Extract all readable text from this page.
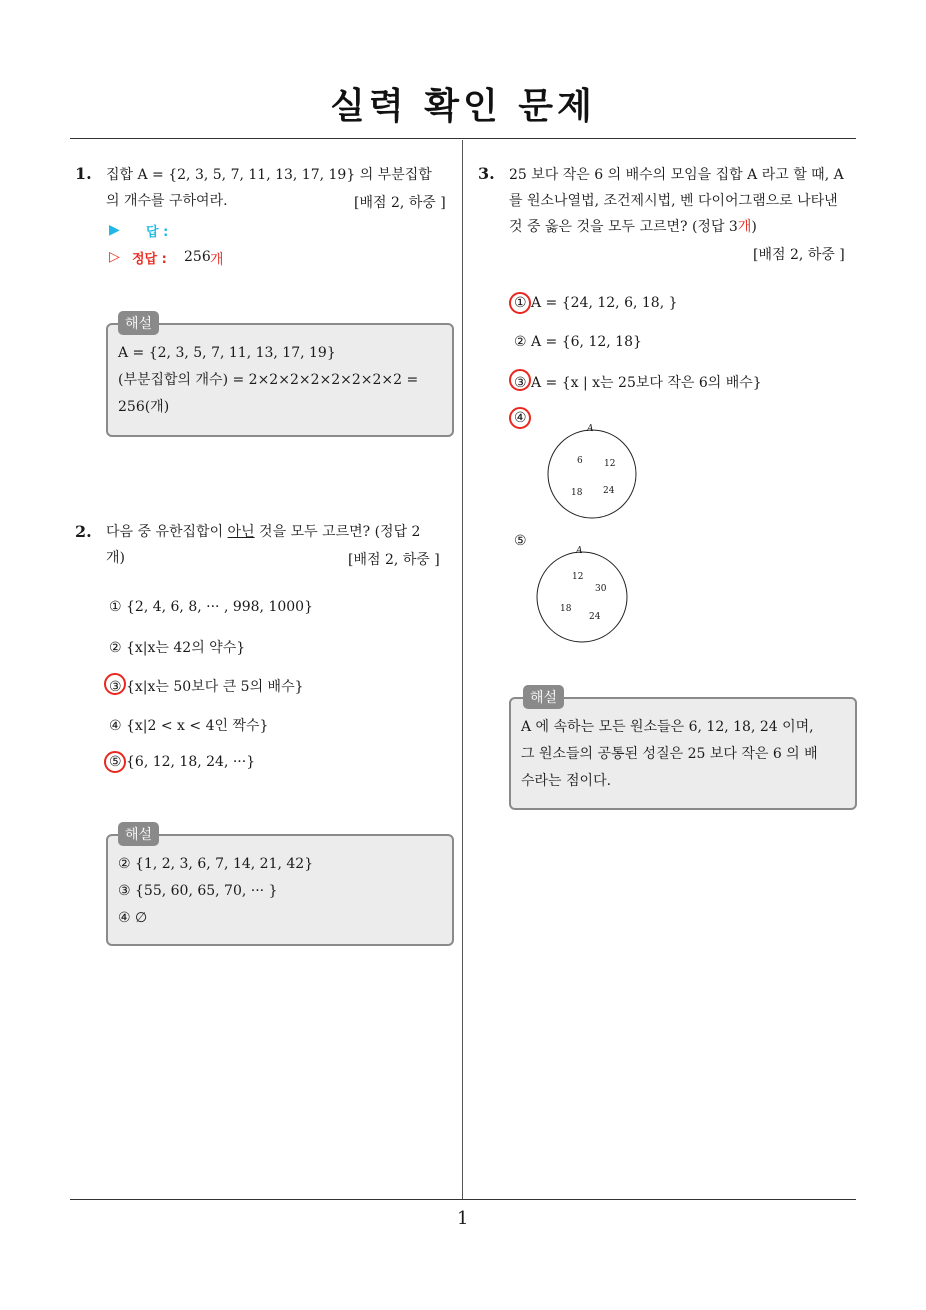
실력 확인 문제
1. 집합 A = {2, 3, 5, 7, 11, 13, 17, 19} 의 부분집합
의 개수를 구하여라.	[배점 2, 하중 ]
▶ 답 :
▷ 정답 : 256 개
해설
A = {2, 3, 5, 7, 11, 13, 17, 19}
(부분집합의 개수) = 2×2×2×2×2×2×2×2 =
256(개)
2. 다음 중 유한집합이 아닌 것을 모두 고르면? (정답 2
개)	[배점 2, 하중 ]
① {2, 4, 6, 8, ··· , 998, 1000}
② {x|x는 42의 약수}
③ {x|x는 50보다 큰 5의 배수}
④ {x|2 < x < 4인 짝수}
⑤ {6, 12, 18, 24, ···}
해설
② {1, 2, 3, 6, 7, 14, 21, 42}
③ {55, 60, 65, 70, ··· }
④ ∅
3. 25 보다 작은 6 의 배수의 모임을 집합 A 라고 할 때, A
를 원소나열법, 조건제시법, 벤 다이어그램으로 나타낸
것 중 옳은 것을 모두 고르면? (정답 3개)
[배점 2, 하중 ]
① A = {24, 12, 6, 18, }
② A = {6, 12, 18}
③ A = {x | x는 25보다 작은 6의 배수}
④
⑤
A
6 12
18 24
A
12
30
18
24
해설
A 에 속하는 모든 원소들은 6, 12, 18, 24 이며,
그 원소들의 공통된 성질은 25 보다 작은 6 의 배
수라는 점이다.
1
